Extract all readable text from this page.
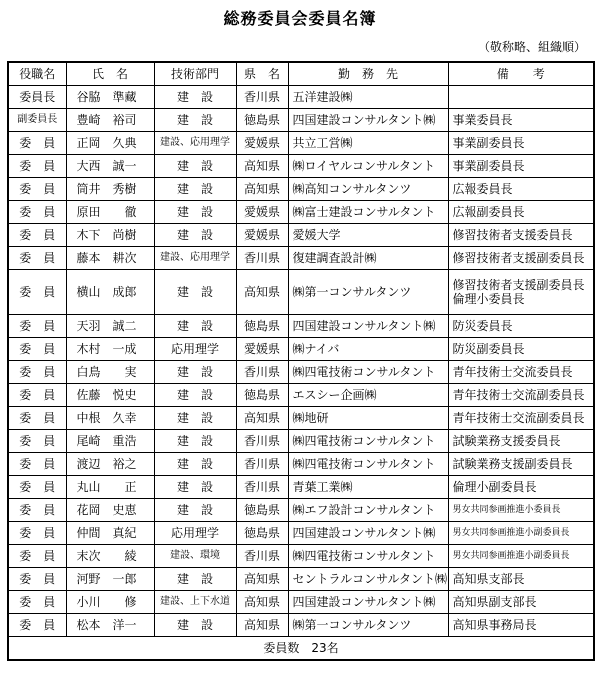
総務委員会委員名簿
（敬称略、組織順）
役職名	氏　名	技術部門	県　名	勤　務　先	備　　考
委員長	谷脇　準藏	建　設	香川県	五洋建設㈱	
副委員長	豊崎　裕司	建　設	徳島県	四国建設コンサルタント㈱	事業委員長
委　員	正岡　久典	建設、応用理学	愛媛県	共立工営㈱	事業副委員長
委　員	大西　誠一	建　設	高知県	㈱ロイヤルコンサルタント	事業副委員長
委　員	筒井　秀樹	建　設	高知県	㈱高知コンサルタンツ	広報委員長
委　員	原田　　徹	建　設	愛媛県	㈱富士建設コンサルタント	広報副委員長
委　員	木下　尚樹	建　設	愛媛県	愛媛大学	修習技術者支援委員長
委　員	藤本　耕次	建設、応用理学	香川県	復建調査設計㈱	修習技術者支援副委員長
委　員	横山　成郎	建　設	高知県	㈱第一コンサルタンツ	修習技術者支援副委員長
倫理小委員長

委　員	天羽　誠二	建　設	徳島県	四国建設コンサルタント㈱	防災委員長
委　員	木村　一成	応用理学	愛媛県	㈱ナイバ	防災副委員長
委　員	白鳥　　実	建　設	香川県	㈱四電技術コンサルタント	青年技術士交流委員長
委　員	佐藤　悦史	建　設	徳島県	エスシー企画㈱	青年技術士交流副委員長
委　員	中根　久幸	建　設	高知県	㈱地研	青年技術士交流副委員長
委　員	尾崎　重浩	建　設	香川県	㈱四電技術コンサルタント	試験業務支援委員長
委　員	渡辺　裕之	建　設	香川県	㈱四電技術コンサルタント	試験業務支援副委員長
委　員	丸山　　正	建　設	香川県	青葉工業㈱	倫理小副委員長
委　員	花岡　史恵	建　設	徳島県	㈱エフ設計コンサルタント	男女共同参画推進小委員長
委　員	仲間　真紀	応用理学	徳島県	四国建設コンサルタント㈱	男女共同参画推進小副委員長
委　員	末次　　綾	建設、環境	香川県	㈱四電技術コンサルタント	男女共同参画推進小副委員長
委　員	河野　一郎	建　設	高知県	セントラルコンサルタント㈱	高知県支部長
委　員	小川　　修	建設、上下水道	高知県	四国建設コンサルタント㈱	高知県副支部長
委　員	松本　洋一	建　設	高知県	㈱第一コンサルタンツ	高知県事務局長
委員数　23名					
